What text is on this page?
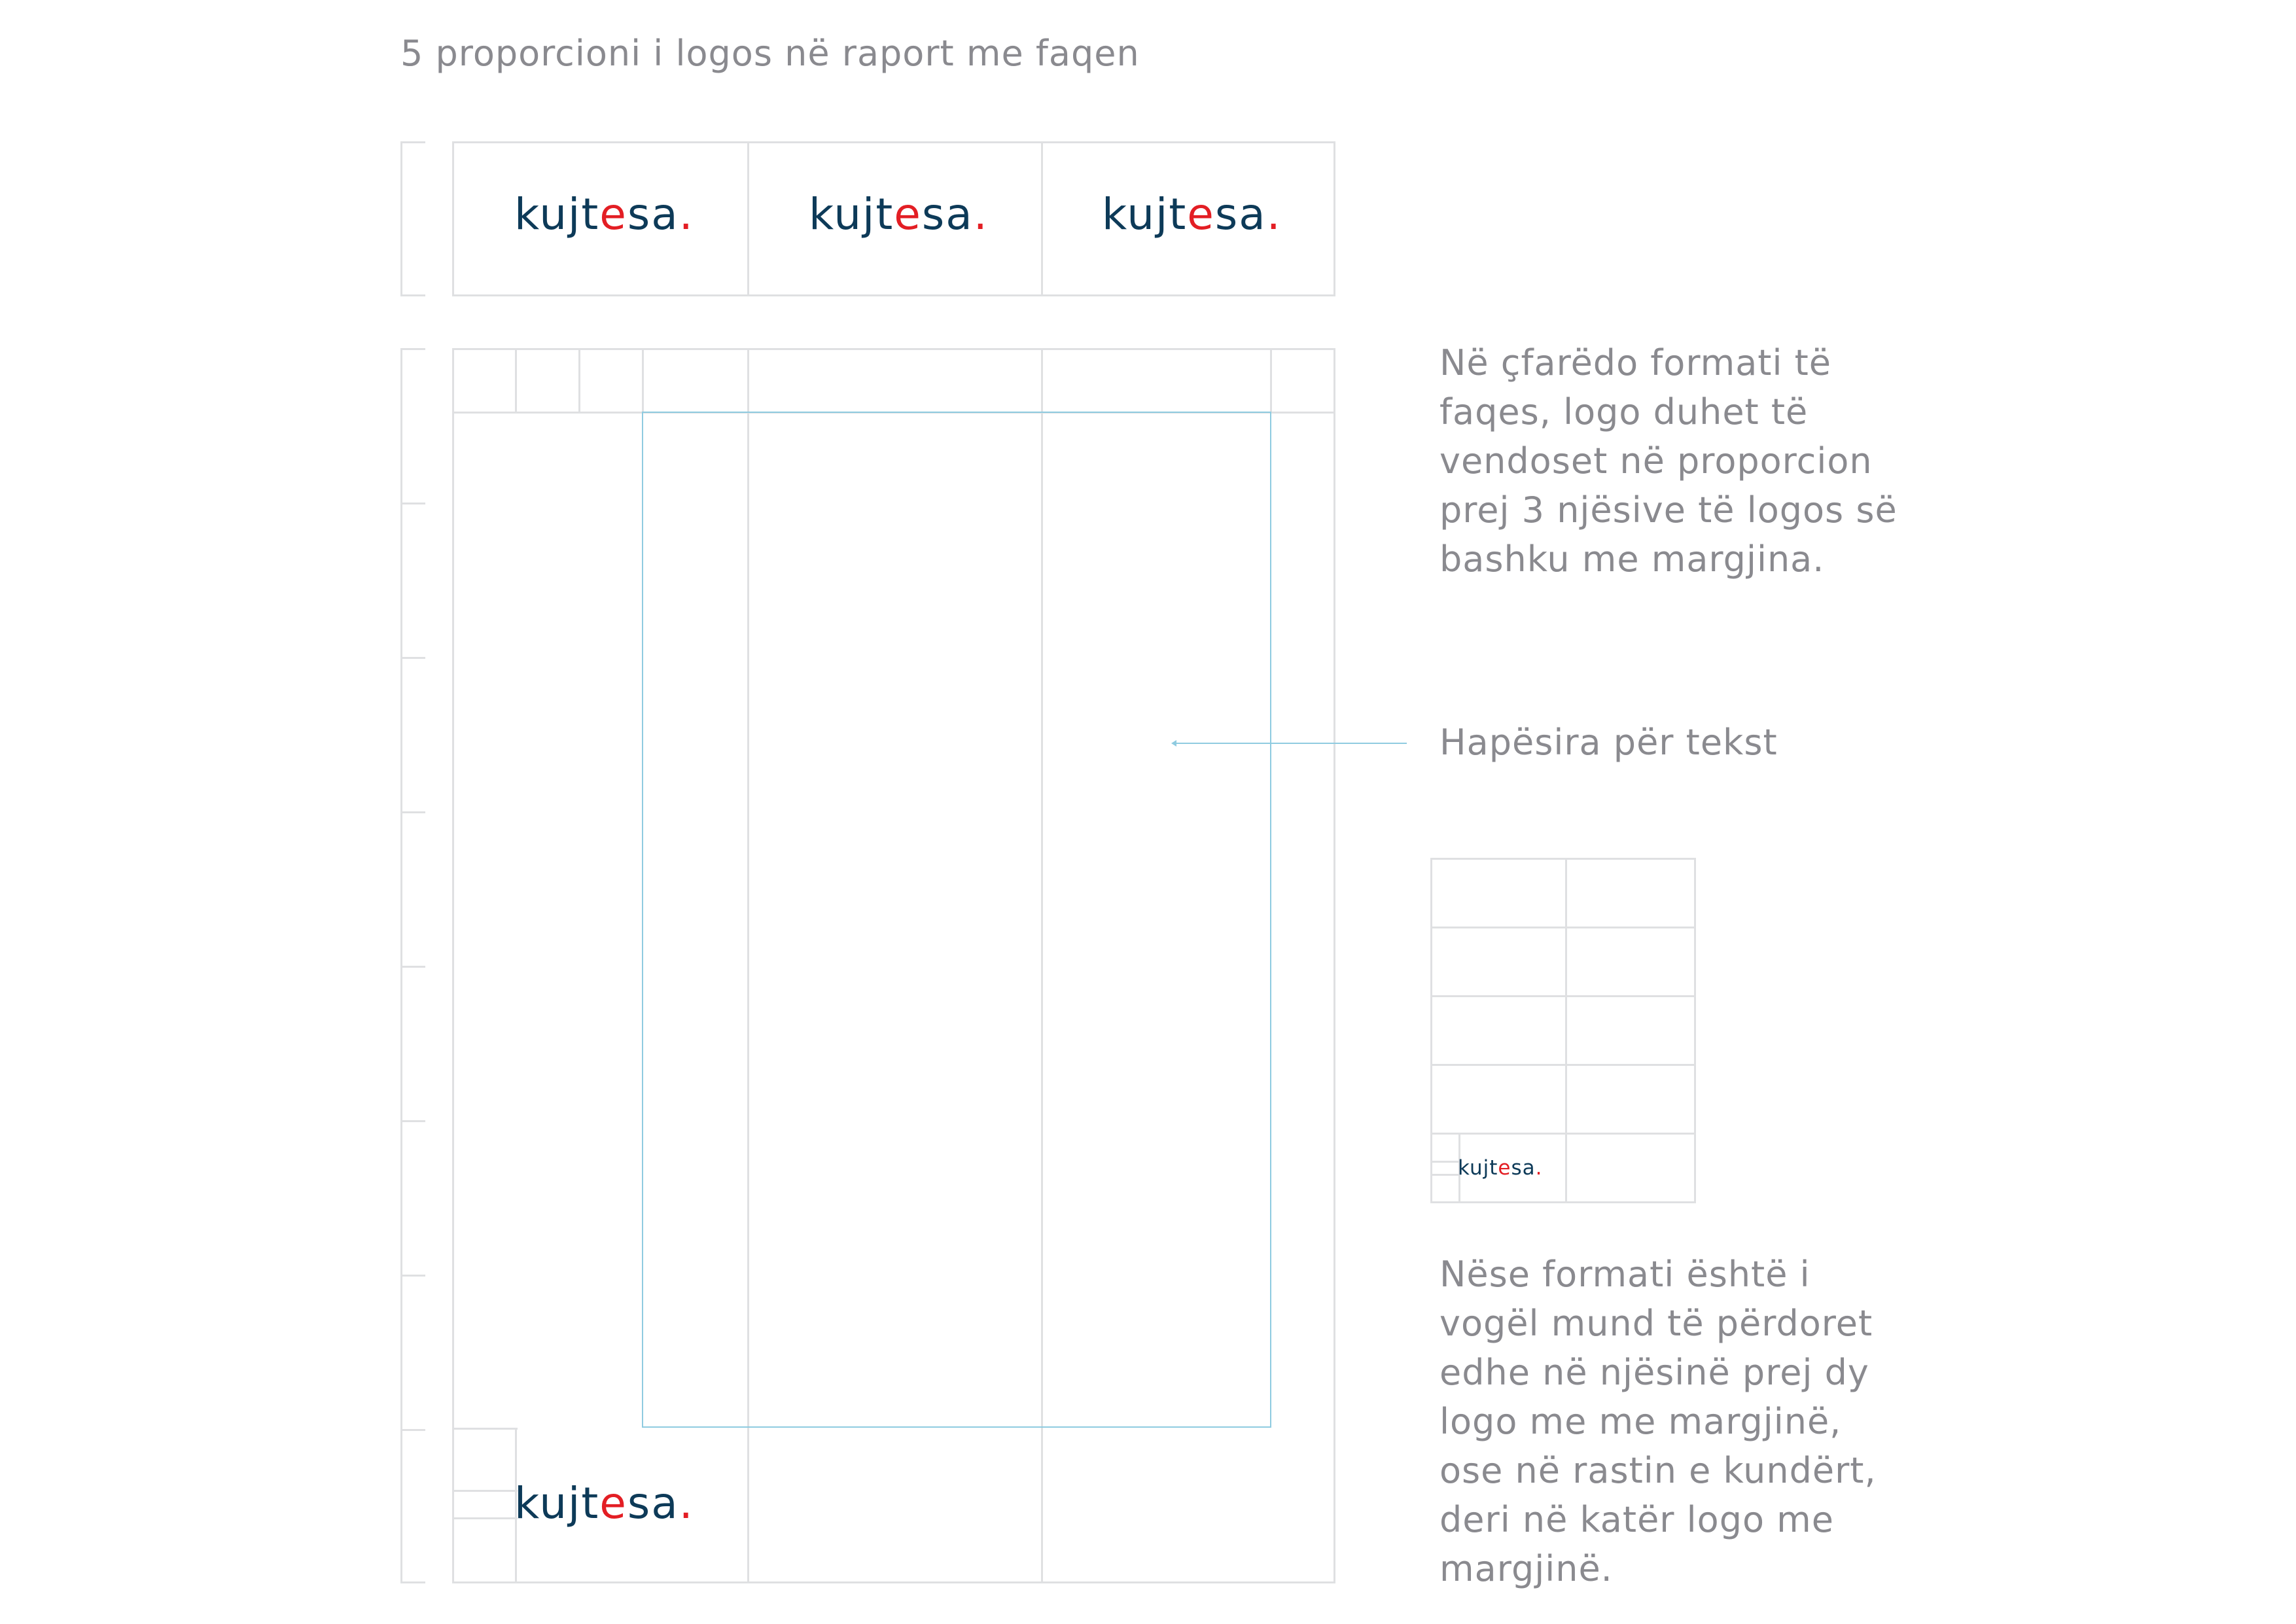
5 proporcioni i logos në raport me faqen
kujtesa.	kujtesa.	kujtesa.
kujtesa.
Në çfarëdo formati të
faqes, logo duhet të
vendoset në proporcion
prej 3 njësive të logos së
bashku me margjina.
Hapësira për tekst
kujtesa.
Nëse formati është i
vogël mund të përdoret
edhe në njësinë prej dy
logo me me margjinë,
ose në rastin e kundërt,
deri në katër logo me
margjinë.
